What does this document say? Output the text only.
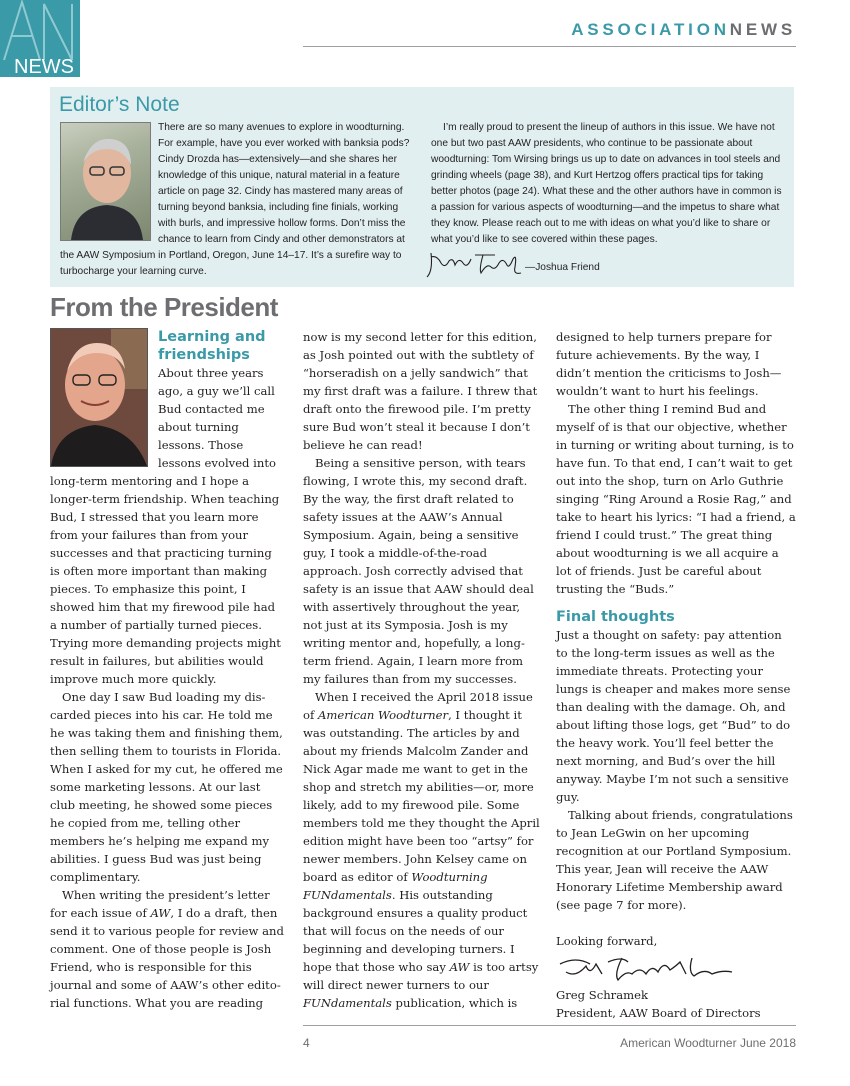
NEWS
ASSOCIATIONNEWS
Editor’s Note

There are so many avenues to explore in woodturning. For example, have you ever worked with banksia pods? Cindy Drozda has—extensively—and she shares her knowledge of this unique, natural material in a feature article on page 32. Cindy has mastered many areas of turning beyond banksia, including fine finials, working with burls, and impressive hollow forms. Don’t miss the chance to learn from Cindy and other demonstrators at the AAW Symposium in Portland, Oregon, June 14–17. It’s a surefire way to turbocharge your learning curve.

I’m really proud to present the lineup of authors in this issue. We have not one but two past AAW presidents, who continue to be passionate about woodturning: Tom Wirsing brings us up to date on advances in tool steels and grinding wheels (page 38), and Kurt Hertzog offers practical tips for taking better photos (page 24). What these and the other authors have in common is a passion for various aspects of woodturning—and the impetus to share what they know. Please reach out to me with ideas on what you’d like to share or what you’d like to see covered within these pages.

—Joshua Friend
From the President
Learning and friendships

About three years ago, a guy we’ll call Bud contacted me about turning lessons. Those lessons evolved into long-term mentoring and I hope a longer-term friendship. When teaching Bud, I stressed that you learn more from your failures than from your successes and that practicing turning is often more important than making pieces. To emphasize this point, I showed him that my firewood pile had a number of partially turned pieces. Trying more demanding projects might result in failures, but abilities would improve much more quickly.

One day I saw Bud loading my discarded pieces into his car. He told me he was taking them and finishing them, then selling them to tourists in Florida. When I asked for my cut, he offered me some marketing lessons. At our last club meeting, he showed some pieces he copied from me, telling other members he’s helping me expand my abilities. I guess Bud was just being complimentary.

When writing the president’s letter for each issue of AW, I do a draft, then send it to various people for review and comment. One of those people is Josh Friend, who is responsible for this journal and some of AAW’s other editorial functions. What you are reading

now is my second letter for this edition, as Josh pointed out with the subtlety of “horseradish on a jelly sandwich” that my first draft was a failure. I threw that draft onto the firewood pile. I’m pretty sure Bud won’t steal it because I don’t believe he can read!

Being a sensitive person, with tears flowing, I wrote this, my second draft. By the way, the first draft related to safety issues at the AAW’s Annual Symposium. Again, being a sensitive guy, I took a middle-of-the-road approach. Josh correctly advised that safety is an issue that AAW should deal with assertively throughout the year, not just at its Symposia. Josh is my writing mentor and, hopefully, a longterm friend. Again, I learn more from my failures than from my successes.

When I received the April 2018 issue of American Woodturner, I thought it was outstanding. The articles by and about my friends Malcolm Zander and Nick Agar made me want to get in the shop and stretch my abilities—or, more likely, add to my firewood pile. Some members told me they thought the April edition might have been too “artsy” for newer members. John Kelsey came on board as editor of Woodturning FUNdamentals. His outstanding background ensures a quality product that will focus on the needs of our beginning and developing turners. I hope that those who say AW is too artsy will direct newer turners to our FUNdamentals publication, which is

designed to help turners prepare for future achievements. By the way, I didn’t mention the criticisms to Josh—wouldn’t want to hurt his feelings.

The other thing I remind Bud and myself of is that our objective, whether in turning or writing about turning, is to have fun. To that end, I can’t wait to get out into the shop, turn on Arlo Guthrie singing “Ring Around a Rosie Rag,” and take to heart his lyrics: “I had a friend, a friend I could trust.” The great thing about woodturning is we all acquire a lot of friends. Just be careful about trusting the “Buds.”

Final thoughts

Just a thought on safety: pay attention to the long-term issues as well as the immediate threats. Protecting your lungs is cheaper and makes more sense than dealing with the damage. Oh, and about lifting those logs, get “Bud” to do the heavy work. You’ll feel better the next morning, and Bud’s over the hill anyway. Maybe I’m not such a sensitive guy.

Talking about friends, congratulations to Jean LeGwin on her upcoming recognition at our Portland Symposium. This year, Jean will receive the AAW Honorary Lifetime Membership award (see page 7 for more).

Looking forward,

Greg Schramek

President, AAW Board of Directors

4	American Woodturner June 2018
